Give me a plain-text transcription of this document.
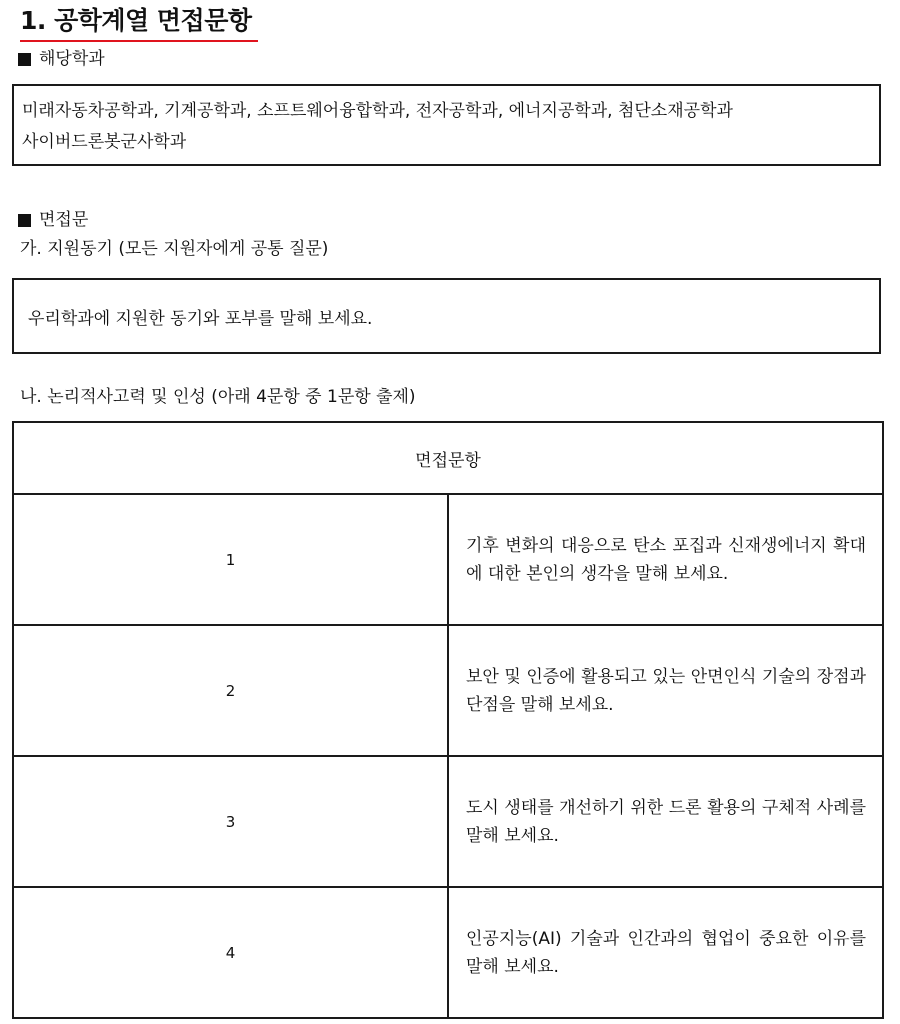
1. 공학계열 면접문항
해당학과
미래자동차공학과, 기계공학과, 소프트웨어융합학과, 전자공학과, 에너지공학과, 첨단소재공학과
사이버드론봇군사학과
면접문
가. 지원동기 (모든 지원자에게 공통 질문)
우리학과에 지원한 동기와 포부를 말해 보세요.
나. 논리적사고력 및 인성 (아래 4문항 중 1문항 출제)
면접문항	
1	기후 변화의 대응으로 탄소 포집과 신재생에너지 확대에 대한 본인의 생각을 말해 보세요.
2	보안 및 인증에 활용되고 있는 안면인식 기술의 장점과 단점을 말해 보세요.
3	도시 생태를 개선하기 위한 드론 활용의 구체적 사례를 말해 보세요.
4	인공지능(AI) 기술과 인간과의 협업이 중요한 이유를 말해 보세요.
